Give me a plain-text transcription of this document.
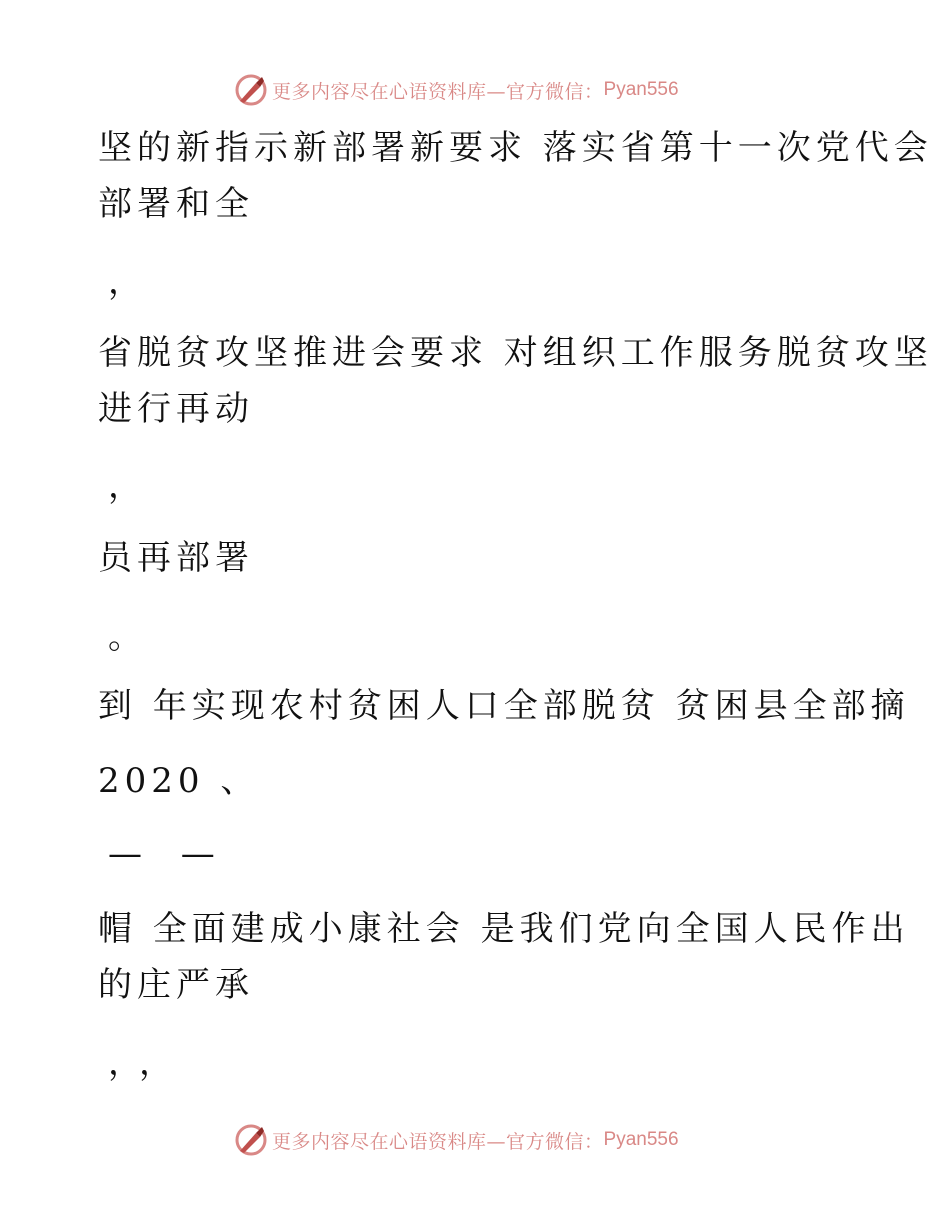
更多内容尽在心语资料库—官方微信： Pyan556
坚的新指示新部署新要求 落实省第十一次党代会
部署和全
，
省脱贫攻坚推进会要求 对组织工作服务脱贫攻坚
进行再动
，
员再部署
。
到 年实现农村贫困人口全部脱贫 贫困县全部摘
2020 、
— —
帽 全面建成小康社会 是我们党向全国人民作出
的庄严承
，，
更多内容尽在心语资料库—官方微信： Pyan556
